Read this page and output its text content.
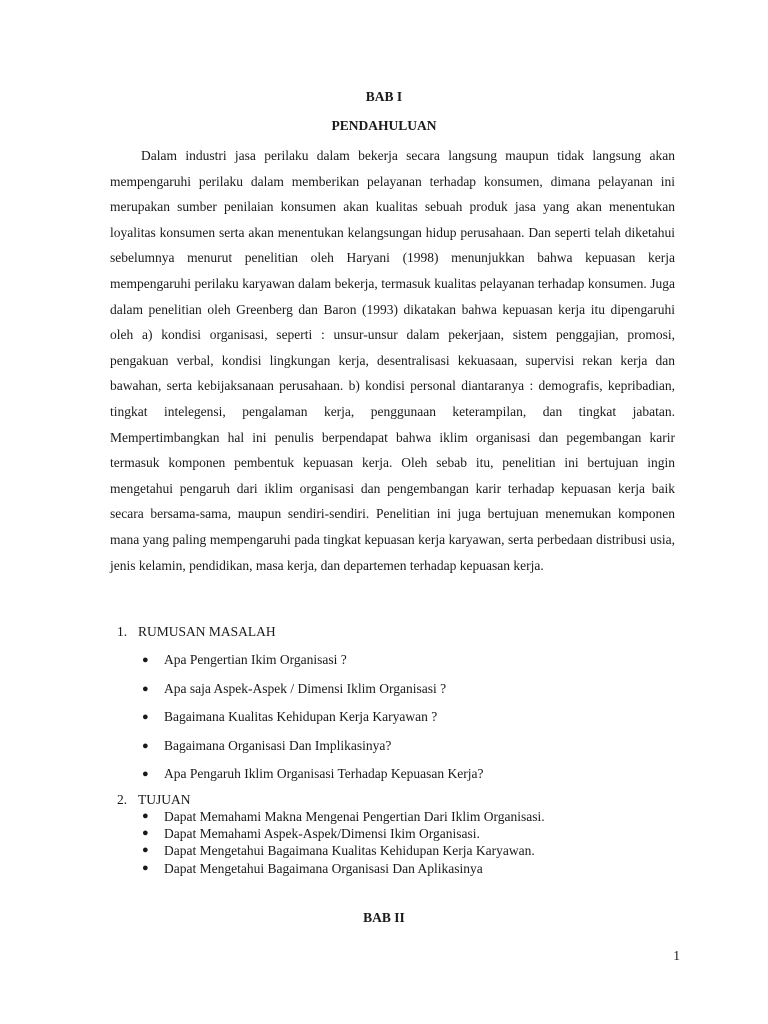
BAB I
PENDAHULUAN

Dalam industri jasa perilaku dalam bekerja secara langsung maupun tidak langsung akan mempengaruhi perilaku dalam memberikan pelayanan terhadap konsumen, dimana pelayanan ini merupakan sumber penilaian konsumen akan kualitas sebuah produk jasa yang akan menentukan loyalitas konsumen serta akan menentukan kelangsungan hidup perusahaan. Dan seperti telah diketahui sebelumnya menurut penelitian oleh Haryani (1998) menunjukkan bahwa kepuasan kerja mempengaruhi perilaku karyawan dalam bekerja, termasuk kualitas pelayanan terhadap konsumen. Juga dalam penelitian oleh Greenberg dan Baron (1993) dikatakan bahwa kepuasan kerja itu dipengaruhi oleh a) kondisi organisasi, seperti : unsur-unsur dalam pekerjaan, sistem penggajian, promosi, pengakuan verbal, kondisi lingkungan kerja, desentralisasi kekuasaan, supervisi rekan kerja dan bawahan, serta kebijaksanaan perusahaan. b) kondisi personal diantaranya : demografis, kepribadian, tingkat intelegensi, pengalaman kerja, penggunaan keterampilan, dan tingkat jabatan. Mempertimbangkan hal ini penulis berpendapat bahwa iklim organisasi dan pegembangan karir termasuk komponen pembentuk kepuasan kerja. Oleh sebab itu, penelitian ini bertujuan ingin mengetahui pengaruh dari iklim organisasi dan pengembangan karir terhadap kepuasan kerja baik secara bersama-sama, maupun sendiri-sendiri. Penelitian ini juga bertujuan menemukan komponen mana yang paling mempengaruhi pada tingkat kepuasan kerja karyawan, serta perbedaan distribusi usia, jenis kelamin, pendidikan, masa kerja, dan departemen terhadap kepuasan kerja.

1. RUMUSAN MASALAH
● Apa Pengertian Ikim Organisasi ?
● Apa saja Aspek-Aspek / Dimensi Iklim Organisasi ?
● Bagaimana Kualitas Kehidupan Kerja Karyawan ?
● Bagaimana Organisasi Dan Implikasinya?
● Apa Pengaruh Iklim Organisasi Terhadap Kepuasan Kerja?
2. TUJUAN
● Dapat Memahami Makna Mengenai Pengertian Dari Iklim Organisasi.
● Dapat Memahami Aspek-Aspek/Dimensi Ikim Organisasi.
● Dapat Mengetahui Bagaimana Kualitas Kehidupan Kerja Karyawan.
● Dapat Mengetahui Bagaimana Organisasi Dan Aplikasinya
BAB II
1
